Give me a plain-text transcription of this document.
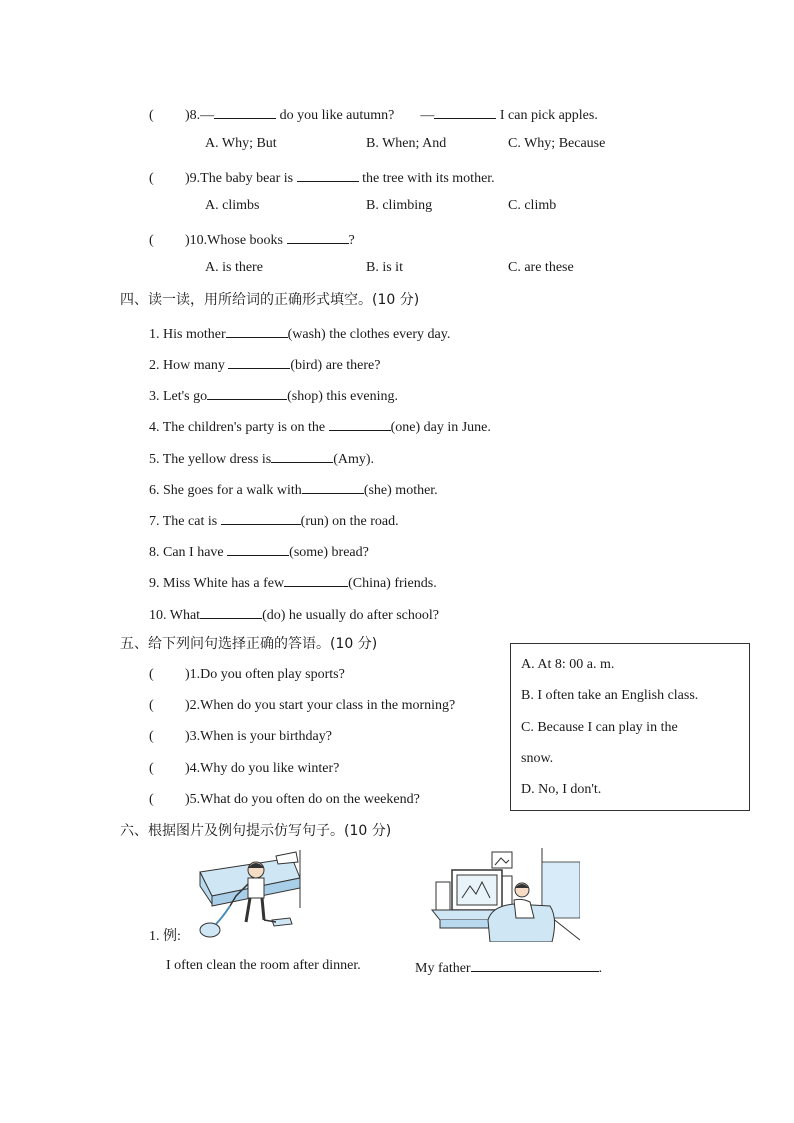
( )8.—	do you like autumn? —	I can pick apples.
A. Why; But	B. When; And	C. Why; Because
( )9.The baby bear is	the tree with its mother.
A. climbs	B. climbing	C. climb
( )10.Whose books	?
A. is there	B. is it	C. are these
四、读一读，用所给词的正确形式填空。(10 分)
1. His mother	(wash) the clothes every day.
2. How many	(bird) are there?
3. Let's go	(shop) this evening.
4. The children's party is on the	(one) day in June.
5. The yellow dress is	(Amy).
6. She goes for a walk with	(she) mother.
7. The cat is	(run) on the road.
8. Can I have	(some) bread?
9. Miss White has a few	(China) friends.
10. What	(do) he usually do after school?
五、给下列问句选择正确的答语。(10 分)
( )1.Do you often play sports?
( )2.When do you start your class in the morning?
( )3.When is your birthday?
( )4.Why do you like winter?
( )5.What do you often do on the weekend?
A. At 8: 00 a. m.
B. I often take an English class.
C. Because I can play in the
snow.
D. No, I don't.
六、根据图片及例句提示仿写句子。(10 分)
1. 例:
I often clean the room after dinner.	My father	.
